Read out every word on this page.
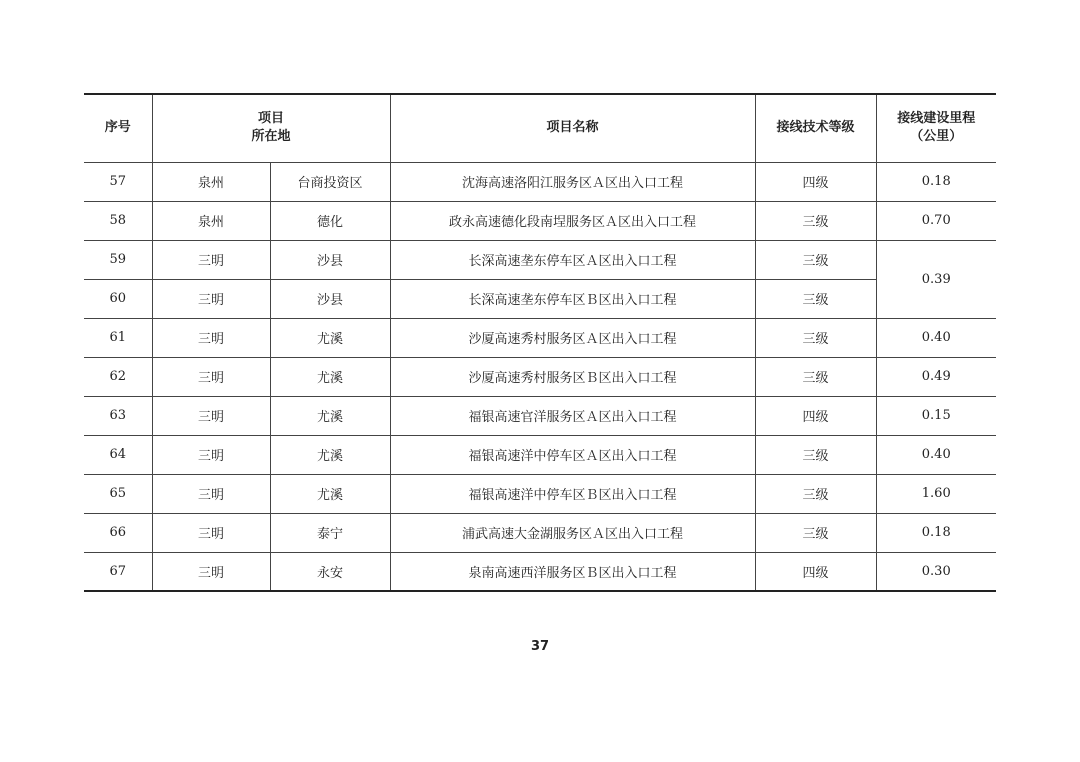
序号	项目
所在地		项目名称	接线技术等级	接线建设里程
（公里）

57	泉州	台商投资区	沈海高速洛阳江服务区Ａ区出入口工程	四级	0.18
58	泉州	德化	政永高速德化段南埕服务区Ａ区出入口工程	三级	0.70
59	三明	沙县	长深高速垄东停车区Ａ区出入口工程	三级	0.39
60	三明	沙县	长深高速垄东停车区Ｂ区出入口工程	三级	
61	三明	尤溪	沙厦高速秀村服务区Ａ区出入口工程	三级	0.40
62	三明	尤溪	沙厦高速秀村服务区Ｂ区出入口工程	三级	0.49
63	三明	尤溪	福银高速官洋服务区Ａ区出入口工程	四级	0.15
64	三明	尤溪	福银高速洋中停车区Ａ区出入口工程	三级	0.40
65	三明	尤溪	福银高速洋中停车区Ｂ区出入口工程	三级	1.60
66	三明	泰宁	浦武高速大金湖服务区Ａ区出入口工程	三级	0.18
67	三明	永安	泉南高速西洋服务区Ｂ区出入口工程	四级	0.30
37
